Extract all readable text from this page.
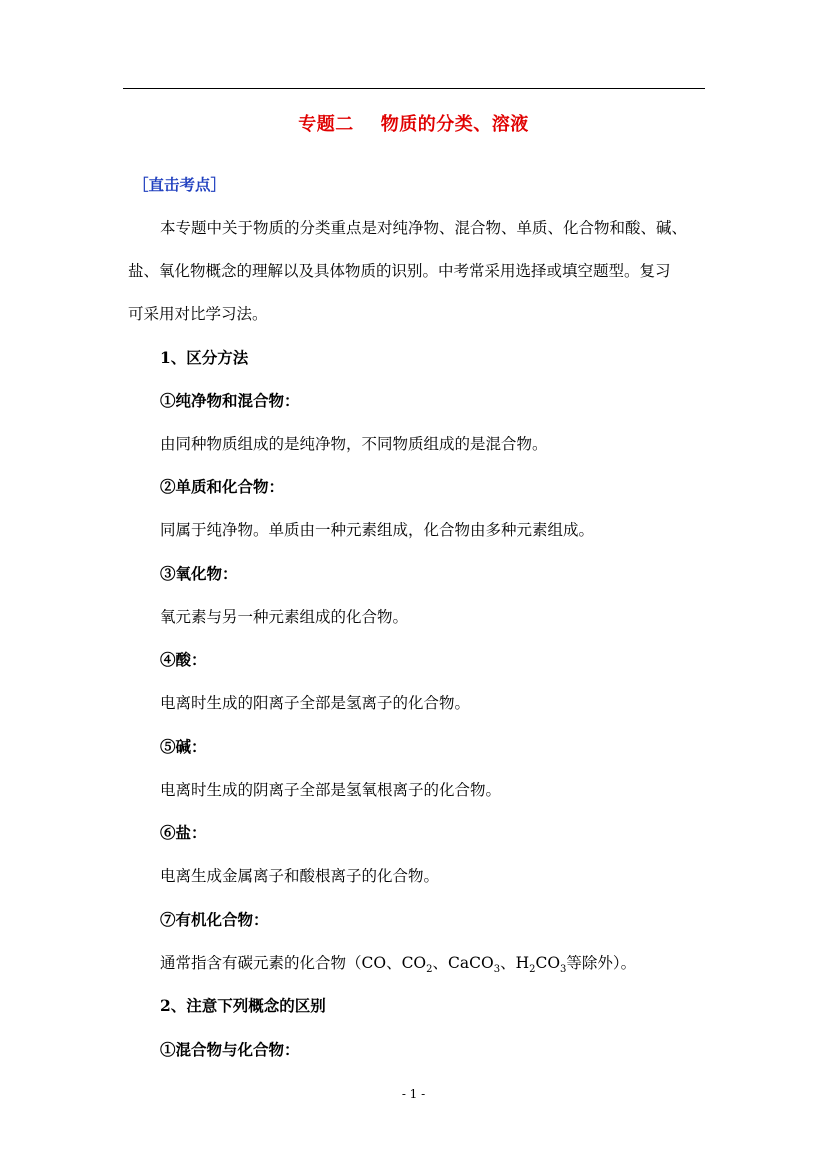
专题二    物质的分类、溶液
［直击考点］
本专题中关于物质的分类重点是对纯净物、混合物、单质、化合物和酸、碱、
盐、氧化物概念的理解以及具体物质的识别。中考常采用选择或填空题型。复习
可采用对比学习法。
1、区分方法
①纯净物和混合物：
由同种物质组成的是纯净物，不同物质组成的是混合物。
②单质和化合物：
同属于纯净物。单质由一种元素组成，化合物由多种元素组成。
③氧化物：
氧元素与另一种元素组成的化合物。
④酸：
电离时生成的阳离子全部是氢离子的化合物。
⑤碱：
电离时生成的阴离子全部是氢氧根离子的化合物。
⑥盐：
电离生成金属离子和酸根离子的化合物。
⑦有机化合物：
通常指含有碳元素的化合物（CO、$CO_2$、CaCO$_3$、$H_2CO_3$等除外）。
2、注意下列概念的区别
①混合物与化合物：
- 1 -
